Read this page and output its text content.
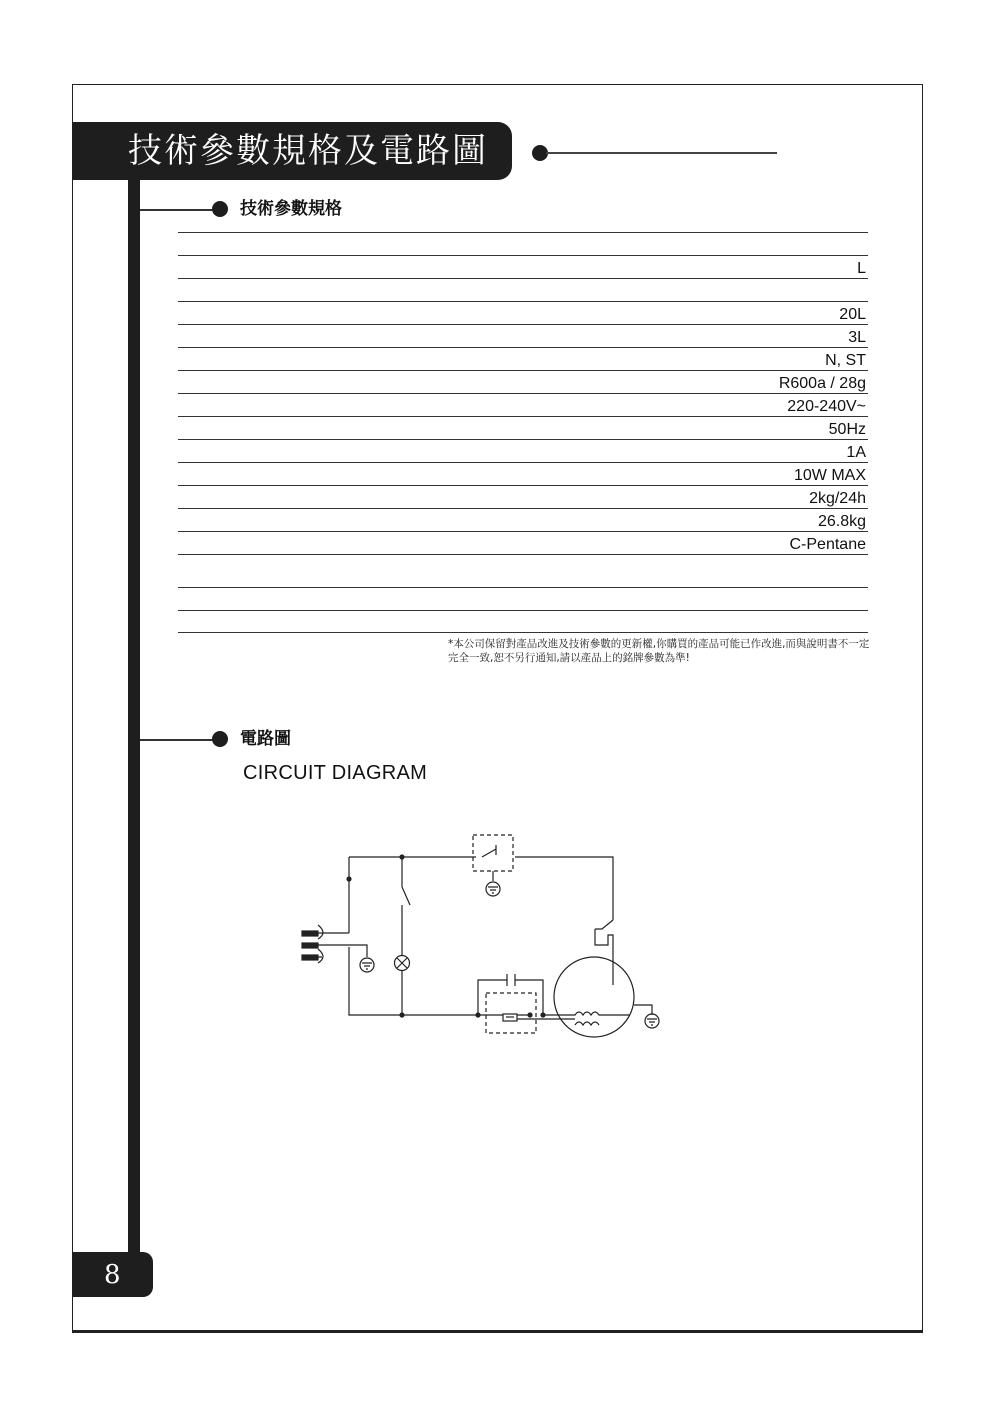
技術參數規格及電路圖
技術參數規格
L
20L
3L
N, ST
R600a / 28g
220-240V~
50Hz
1A
10W MAX
2kg/24h
26.8kg
C-Pentane
*本公司保留對產品改進及技術參數的更新權,你購買的產品可能已作改進,而與說明書不一定完全一致,恕不另行通知,請以產品上的銘牌參數為準!
電路圖
CIRCUIT DIAGRAM
8
